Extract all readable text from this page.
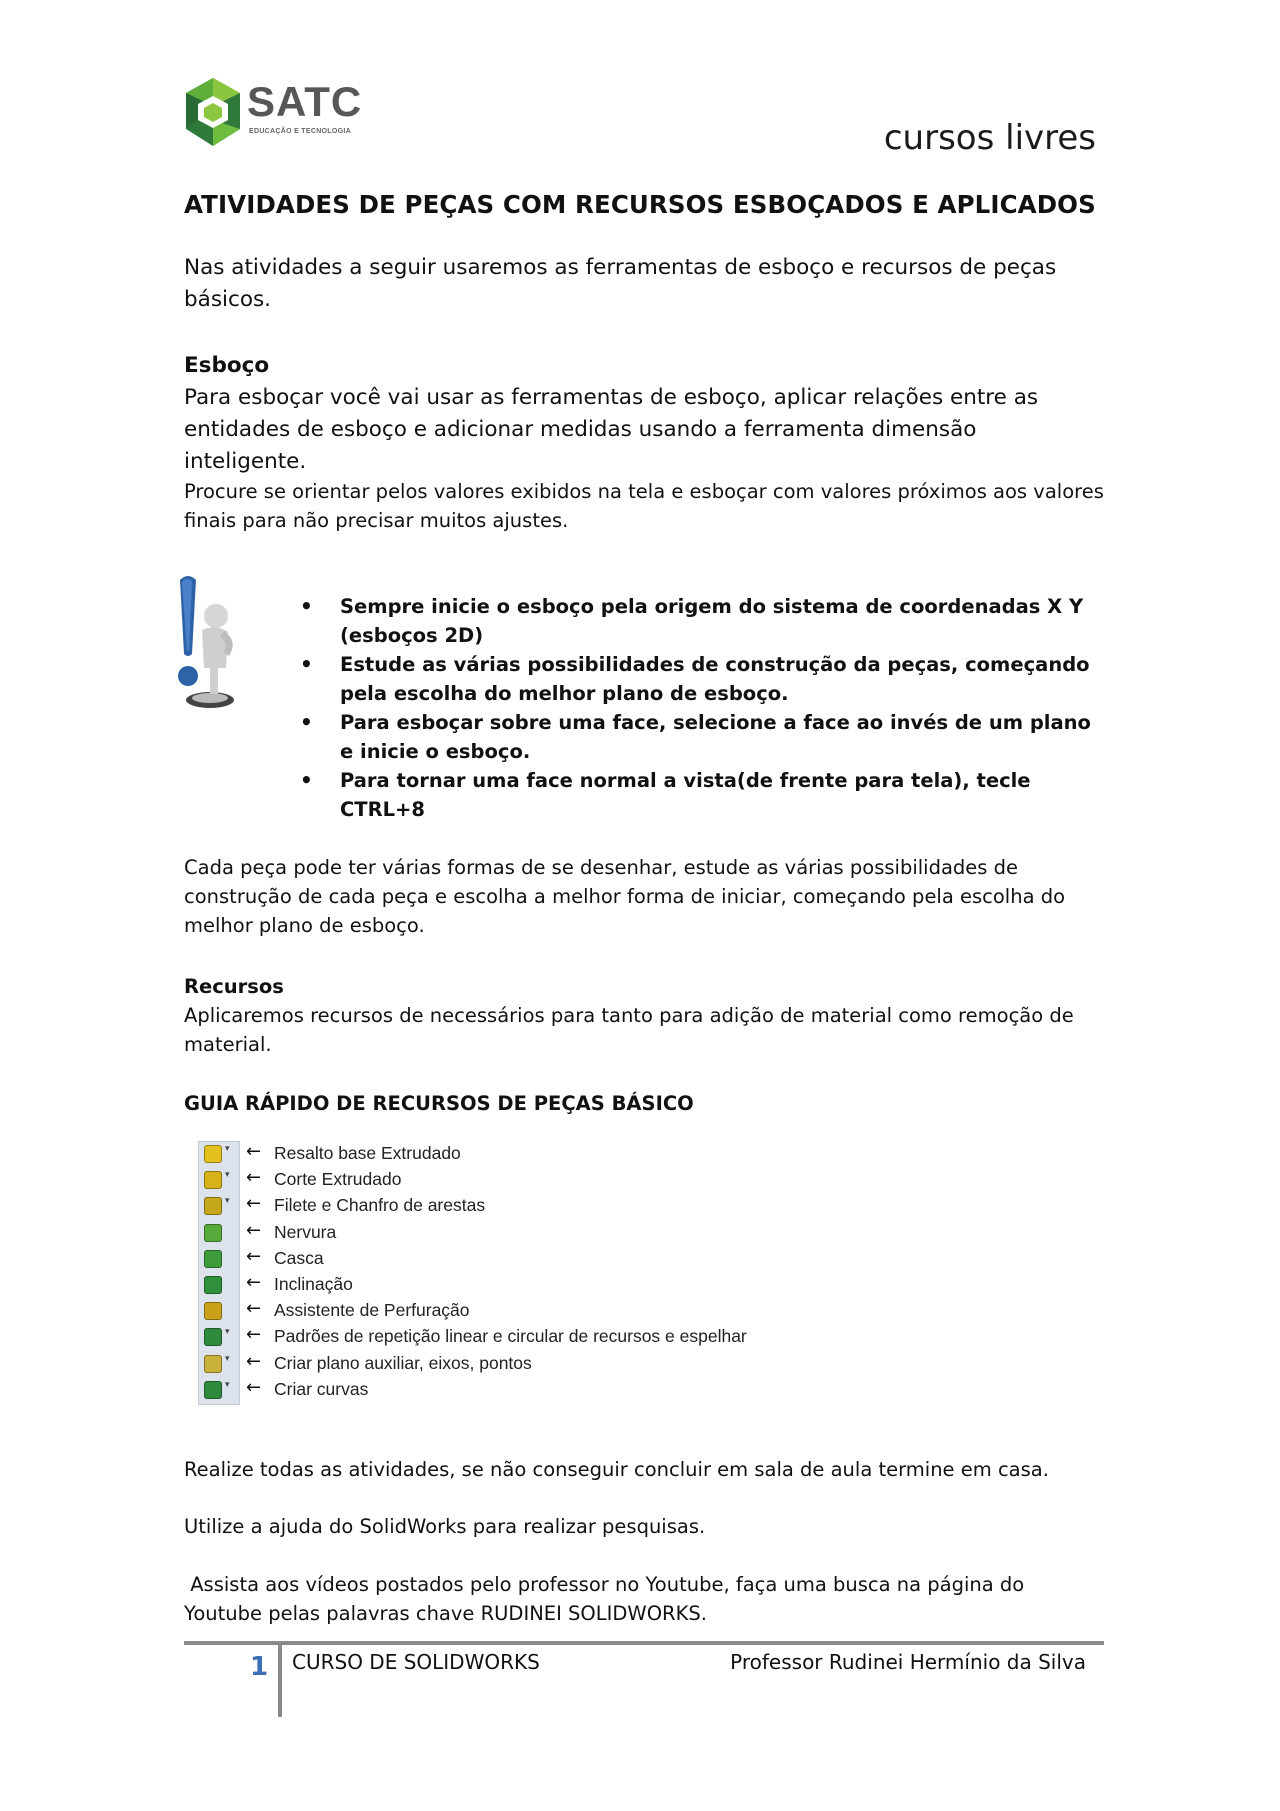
SATC
EDUCAÇÃO E TECNOLOGIA	cursos livres
ATIVIDADES DE PEÇAS COM RECURSOS ESBOÇADOS E APLICADOS
Nas atividades a seguir usaremos as ferramentas de esboço e recursos de peças básicos.
Esboço
Para esboçar você vai usar as ferramentas de esboço, aplicar relações entre as entidades de esboço e adicionar medidas usando a ferramenta dimensão inteligente.
Procure se orientar pelos valores exibidos na tela e esboçar com valores próximos aos valores finais para não precisar muitos ajustes.
• Sempre inicie o esboço pela origem do sistema de coordenadas X Y (esboços 2D)
• Estude as várias possibilidades de construção da peças, começando pela escolha do melhor plano de esboço.
• Para esboçar sobre uma face, selecione a face ao invés de um plano e inicie o esboço.
• Para tornar uma face normal a vista(de frente para tela), tecle CTRL+8
Cada peça pode ter várias formas de se desenhar, estude as várias possibilidades de construção de cada peça e escolha a melhor forma de iniciar, começando pela escolha do melhor plano de esboço.
Recursos
Aplicaremos recursos de necessários para tanto para adição de material como remoção de material.
GUIA RÁPIDO DE RECURSOS DE PEÇAS BÁSICO
▾ ← Resalto base Extrudado
▾ ← Corte Extrudado
▾ ← Filete e Chanfro de arestas
← Nervura
← Casca
← Inclinação
← Assistente de Perfuração
▾ ← Padrões de repetição linear e circular de recursos e espelhar
▾ ← Criar plano auxiliar, eixos, pontos
▾ ← Criar curvas
Realize todas as atividades, se não conseguir concluir em sala de aula termine em casa.
Utilize a ajuda do SolidWorks para realizar pesquisas.
Assista aos vídeos postados pelo professor no Youtube, faça uma busca na página do Youtube pelas palavras chave RUDINEI SOLIDWORKS.
1 CURSO DE SOLIDWORKS	Professor Rudinei Hermínio da Silva
